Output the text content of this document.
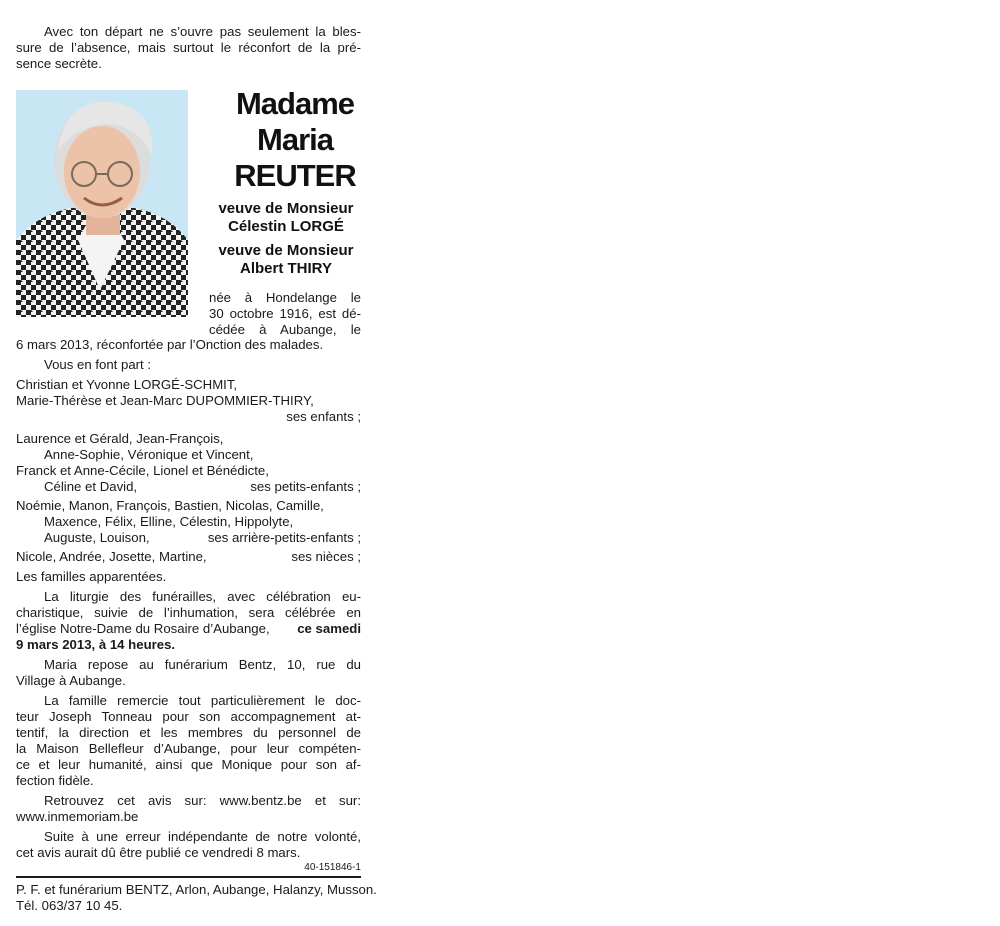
Avec ton départ ne s’ouvre pas seulement la bles-
sure de l’absence, mais surtout le réconfort de la pré-
sence secrète.
Madame
Maria
REUTER
veuve de Monsieur
Célestin LORGÉ
veuve de Monsieur
Albert THIRY
née à Hondelange le
30 octobre 1916, est dé-
cédée à Aubange, le
6 mars 2013, réconfortée par l’Onction des malades.
Vous en font part :
Christian et Yvonne LORGÉ-SCHMIT,
Marie-Thérèse et Jean-Marc DUPOMMIER-THIRY,
ses enfants ;
Laurence et Gérald, Jean-François,
Anne-Sophie, Véronique et Vincent,
Franck et Anne-Cécile, Lionel et Bénédicte,
Céline et David,	ses petits-enfants ;
Noémie, Manon, François, Bastien, Nicolas, Camille,
Maxence, Félix, Elline, Célestin, Hippolyte,
Auguste, Louison,	ses arrière-petits-enfants ;
Nicole, Andrée, Josette, Martine,	ses nièces ;
Les familles apparentées.
La liturgie des funérailles, avec célébration eu-
charistique, suivie de l’inhumation, sera célébrée en
l’église Notre-Dame du Rosaire d’Aubange, ce samedi
9 mars 2013, à 14 heures.
Maria repose au funérarium Bentz, 10, rue du
Village à Aubange.
La famille remercie tout particulièrement le doc-
teur Joseph Tonneau pour son accompagnement at-
tentif, la direction et les membres du personnel de
la Maison Bellefleur d’Aubange, pour leur compéten-
ce et leur humanité, ainsi que Monique pour son af-
fection fidèle.
Retrouvez cet avis sur: www.bentz.be et sur:
www.inmemoriam.be
Suite à une erreur indépendante de notre volonté,
cet avis aurait dû être publié ce vendredi 8 mars.
40-151846-1
P. F. et funérarium BENTZ, Arlon, Aubange, Halanzy, Musson.
Tél. 063/37 10 45.
